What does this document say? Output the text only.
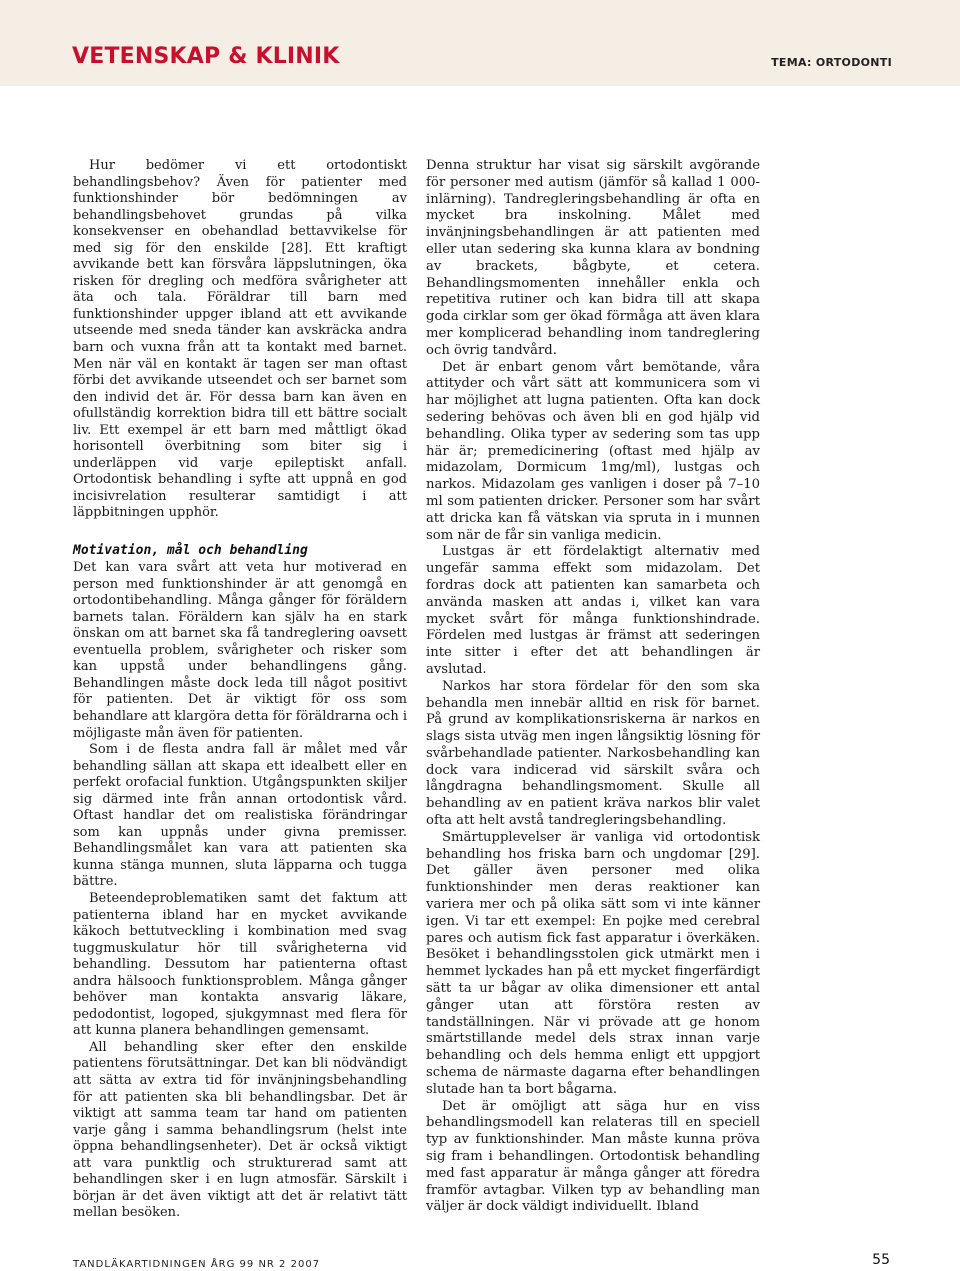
VETENSKAP & KLINIK	TEMA: ORTODONTI

Hur bedömer vi ett ortodontiskt behandlingsbehov? Även för patienter med funktionshinder bör bedömningen av behandlingsbehovet grundas på vilka konsekvenser en obehandlad bettavvikelse för med sig för den enskilde [28]. Ett kraftigt avvikande bett kan försvåra läppslutningen, öka risken för dregling och medföra svårigheter att äta och tala. Föräldrar till barn med funktionshinder uppger ibland att ett avvikande utseende med sneda tänder kan avskräcka andra barn och vuxna från att ta kontakt med barnet. Men när väl en kontakt är tagen ser man oftast förbi det avvikande utseendet och ser barnet som den individ det är. För dessa barn kan även en ofullständig korrektion bidra till ett bättre socialt liv. Ett exempel är ett barn med måttligt ökad horisontell överbitning som biter sig i underläppen vid varje epileptiskt anfall. Ortodontisk behandling i syfte att uppnå en god incisivrelation resulterar samtidigt i att läppbitningen upphör.

Motivation, mål och behandling

Det kan vara svårt att veta hur motiverad en person med funktionshinder är att genomgå en ortodontibehandling. Många gånger för föräldern barnets talan. Föräldern kan själv ha en stark önskan om att barnet ska få tandreglering oavsett eventuella problem, svårigheter och risker som kan uppstå under behandlingens gång. Behandlingen måste dock leda till något positivt för patienten. Det är viktigt för oss som behandlare att klargöra detta för föräldrarna och i möjligaste mån även för patienten.

Som i de flesta andra fall är målet med vår behandling sällan att skapa ett idealbett eller en perfekt orofacial funktion. Utgångspunkten skiljer sig därmed inte från annan ortodontisk vård. Oftast handlar det om realistiska förändringar som kan uppnås under givna premisser. Behandlingsmålet kan vara att patienten ska kunna stänga munnen, sluta läpparna och tugga bättre.

Beteendeproblematiken samt det faktum att patienterna ibland har en mycket avvikande käkoch bettutveckling i kombination med svag tuggmuskulatur hör till svårigheterna vid behandling. Dessutom har patienterna oftast andra hälsooch funktionsproblem. Många gånger behöver man kontakta ansvarig läkare, pedodontist, logoped, sjukgymnast med flera för att kunna planera behandlingen gemensamt.

All behandling sker efter den enskilde patientens förutsättningar. Det kan bli nödvändigt att sätta av extra tid för invänjningsbehandling för att patienten ska bli behandlingsbar. Det är viktigt att samma team tar hand om patienten varje gång i samma behandlingsrum (helst inte öppna behandlingsenheter). Det är också viktigt att vara punktlig och strukturerad samt att behandlingen sker i en lugn atmosfär. Särskilt i början är det även viktigt att det är relativt tätt mellan besöken.

Denna struktur har visat sig särskilt avgörande för personer med autism (jämför så kallad 1 000-inlärning). Tandregleringsbehandling är ofta en mycket bra inskolning. Målet med invänjningsbehandlingen är att patienten med eller utan sedering ska kunna klara av bondning av brackets, bågbyte, et cetera. Behandlingsmomenten innehåller enkla och repetitiva rutiner och kan bidra till att skapa goda cirklar som ger ökad förmåga att även klara mer komplicerad behandling inom tandreglering och övrig tandvård.

Det är enbart genom vårt bemötande, våra attityder och vårt sätt att kommunicera som vi har möjlighet att lugna patienten. Ofta kan dock sedering behövas och även bli en god hjälp vid behandling. Olika typer av sedering som tas upp här är; premedicinering (oftast med hjälp av midazolam, Dormicum 1mg/ml), lustgas och narkos. Midazolam ges vanligen i doser på 7–10 ml som patienten dricker. Personer som har svårt att dricka kan få vätskan via spruta in i munnen som när de får sin vanliga medicin.

Lustgas är ett fördelaktigt alternativ med ungefär samma effekt som midazolam. Det fordras dock att patienten kan samarbeta och använda masken att andas i, vilket kan vara mycket svårt för många funktionshindrade. Fördelen med lustgas är främst att sederingen inte sitter i efter det att behandlingen är avslutad.

Narkos har stora fördelar för den som ska behandla men innebär alltid en risk för barnet. På grund av komplikationsriskerna är narkos en slags sista utväg men ingen långsiktig lösning för svårbehandlade patienter. Narkosbehandling kan dock vara indicerad vid särskilt svåra och långdragna behandlingsmoment. Skulle all behandling av en patient kräva narkos blir valet ofta att helt avstå tandregleringsbehandling.

Smärtupplevelser är vanliga vid ortodontisk behandling hos friska barn och ungdomar [29]. Det gäller även personer med olika funktionshinder men deras reaktioner kan variera mer och på olika sätt som vi inte känner igen. Vi tar ett exempel: En pojke med cerebral pares och autism fick fast apparatur i överkäken. Besöket i behandlingsstolen gick utmärkt men i hemmet lyckades han på ett mycket fingerfärdigt sätt ta ur bågar av olika dimensioner ett antal gånger utan att förstöra resten av tandställningen. När vi prövade att ge honom smärtstillande medel dels strax innan varje behandling och dels hemma enligt ett uppgjort schema de närmaste dagarna efter behandlingen slutade han ta bort bågarna.

Det är omöjligt att säga hur en viss behandlingsmodell kan relateras till en speciell typ av funktionshinder. Man måste kunna pröva sig fram i behandlingen. Ortodontisk behandling med fast apparatur är många gånger att föredra framför avtagbar. Vilken typ av behandling man väljer är dock väldigt individuellt. Ibland

TANDLÄKARTIDNINGEN ÅRG 99 NR 2 2007	55
